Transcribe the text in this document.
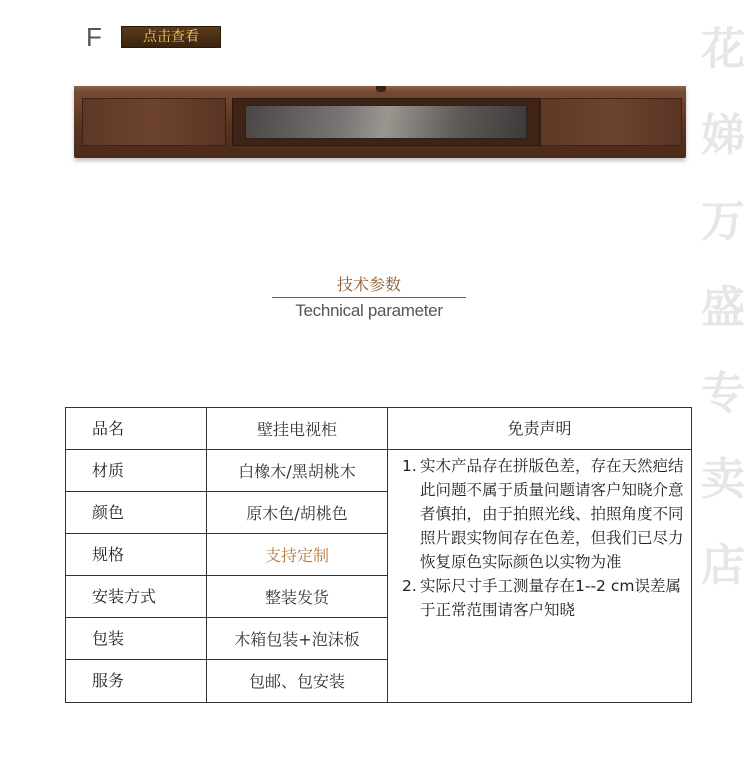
F	点击查看	花
娣
万
盛
专
卖
店
技术参数
Technical parameter
品名	壁挂电视柜
材质	白橡木/黑胡桃木
颜色	原木色/胡桃色
规格	支持定制
安装方式	整装发货
包装	木箱包装+泡沫板
服务	包邮、包安装
免责声明
1. 实木产品存在拼版色差，存在天然疤结此问题不属于质量问题请客户知晓介意者慎拍，由于拍照光线、拍照角度不同照片跟实物间存在色差，但我们已尽力恢复原色实际颜色以实物为准
2. 实际尺寸手工测量存在1--2 cm误差属于正常范围请客户知晓
